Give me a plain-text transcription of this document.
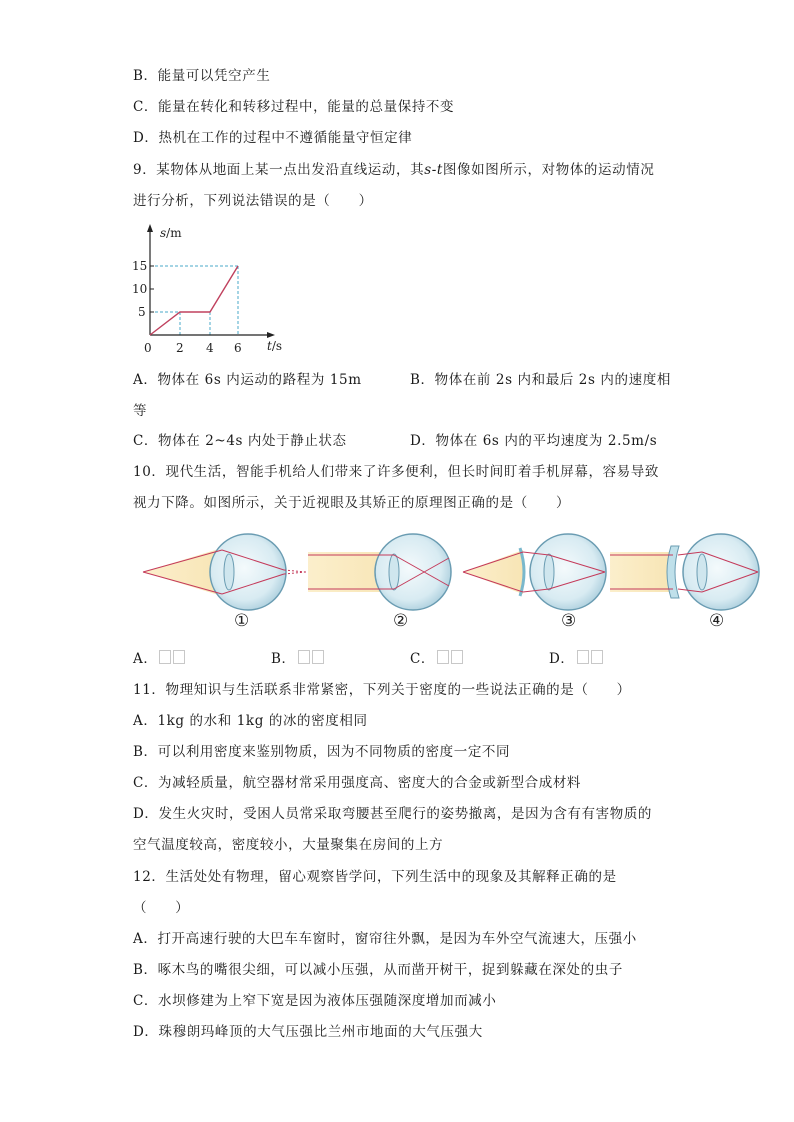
B．能量可以凭空产生
C．能量在转化和转移过程中，能量的总量保持不变
D．热机在工作的过程中不遵循能量守恒定律
9．某物体从地面上某一点出发沿直线运动，其s-t图像如图所示，对物体的运动情况
进行分析，下列说法错误的是（　　）
s/m
t/s
15
10
5
0 2 4 6
A．物体在 6s 内运动的路程为 15m	B．物体在前 2s 内和最后 2s 内的速度相
等
C．物体在 2~4s 内处于静止状态	D．物体在 6s 内的平均速度为 2.5m/s
10．现代生活，智能手机给人们带来了许多便利，但长时间盯着手机屏幕，容易导致
视力下降。如图所示，关于近视眼及其矫正的原理图正确的是（　　）
①	②	③	④
A．	B．	C．	D．
11．物理知识与生活联系非常紧密，下列关于密度的一些说法正确的是（　　）
A．1kg 的水和 1kg 的冰的密度相同
B．可以利用密度来鉴别物质，因为不同物质的密度一定不同
C．为减轻质量，航空器材常采用强度高、密度大的合金或新型合成材料
D．发生火灾时，受困人员常采取弯腰甚至爬行的姿势撤离，是因为含有有害物质的
空气温度较高，密度较小，大量聚集在房间的上方
12．生活处处有物理，留心观察皆学问，下列生活中的现象及其解释正确的是
（　　）
A．打开高速行驶的大巴车车窗时，窗帘往外飘，是因为车外空气流速大，压强小
B．啄木鸟的嘴很尖细，可以减小压强，从而凿开树干，捉到躲藏在深处的虫子
C．水坝修建为上窄下宽是因为液体压强随深度增加而减小
D．珠穆朗玛峰顶的大气压强比兰州市地面的大气压强大
